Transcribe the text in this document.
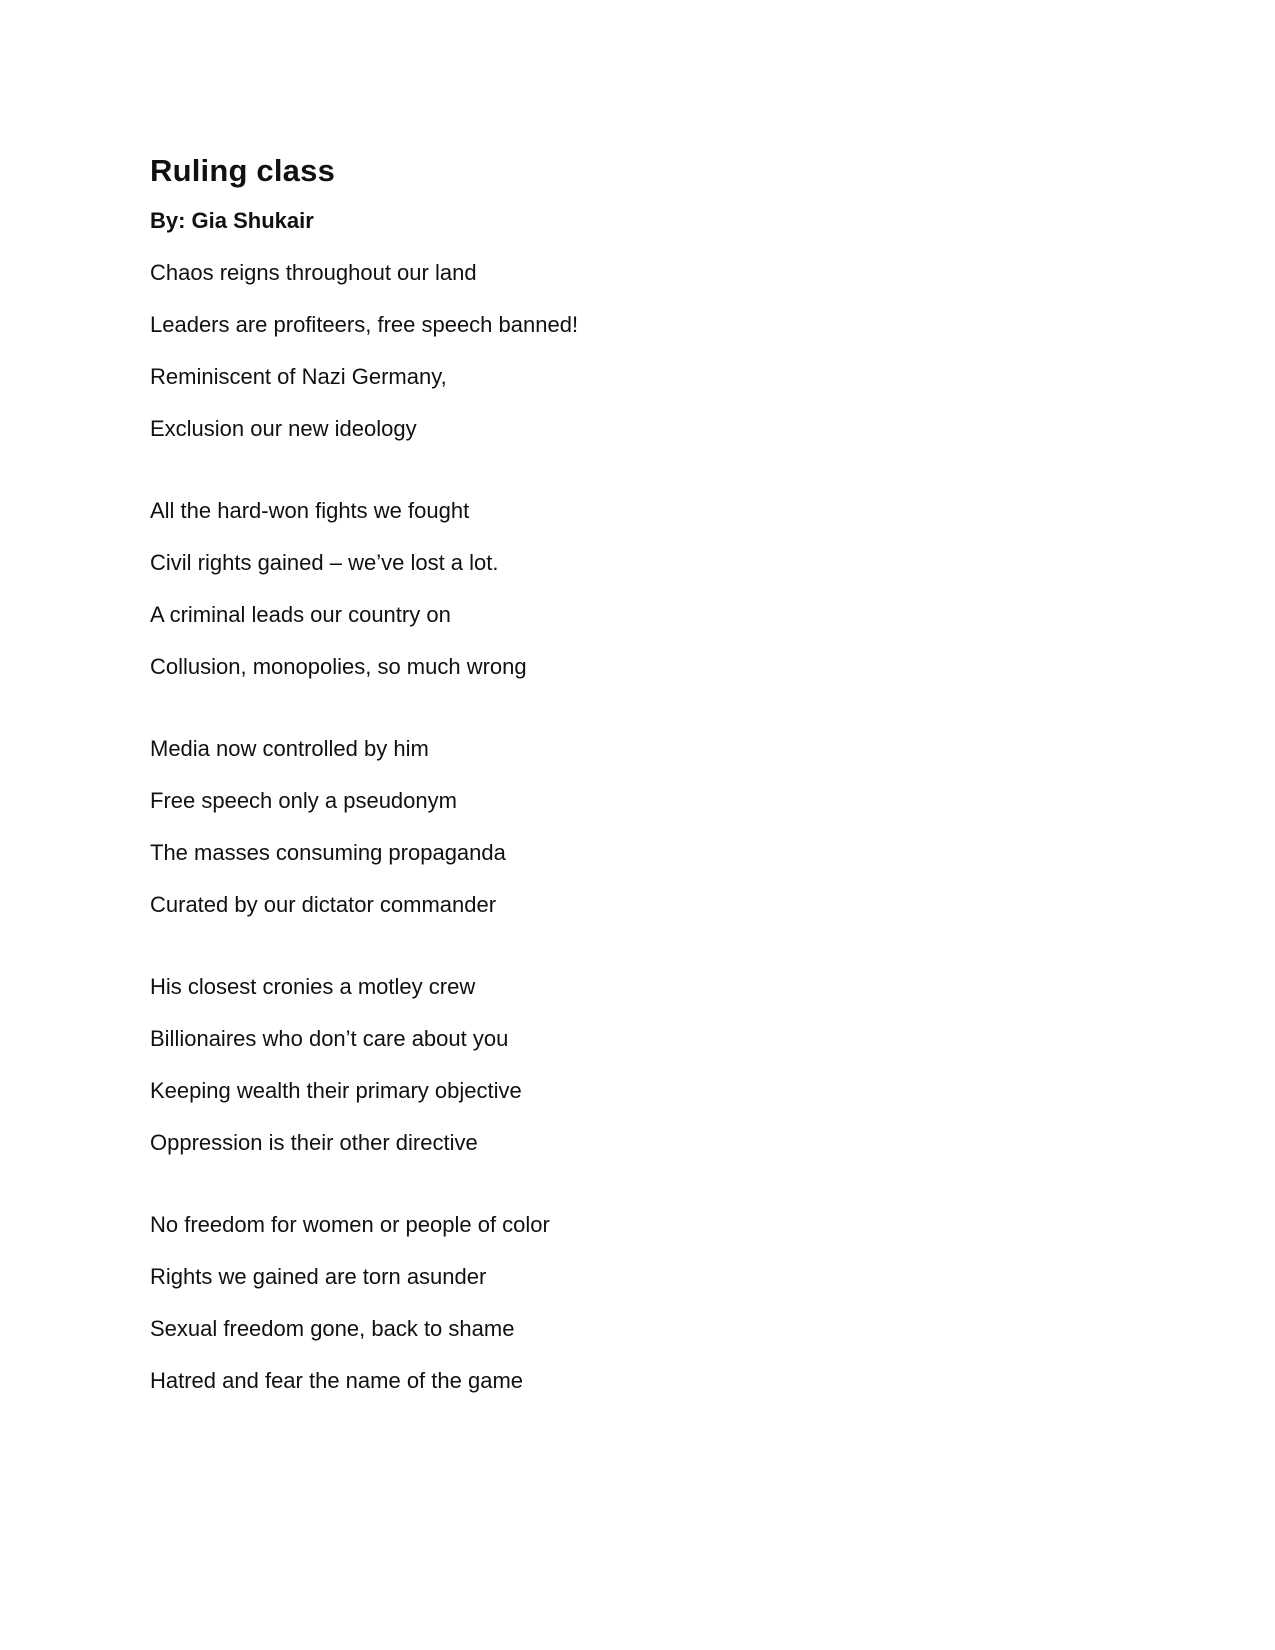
Ruling class

By: Gia Shukair

Chaos reigns throughout our land
Leaders are profiteers, free speech banned!
Reminiscent of Nazi Germany,
Exclusion our new ideology
All the hard-won fights we fought
Civil rights gained – we’ve lost a lot.
A criminal leads our country on
Collusion, monopolies, so much wrong
Media now controlled by him
Free speech only a pseudonym
The masses consuming propaganda
Curated by our dictator commander
His closest cronies a motley crew
Billionaires who don’t care about you
Keeping wealth their primary objective
Oppression is their other directive
No freedom for women or people of color
Rights we gained are torn asunder
Sexual freedom gone, back to shame
Hatred and fear the name of the game
